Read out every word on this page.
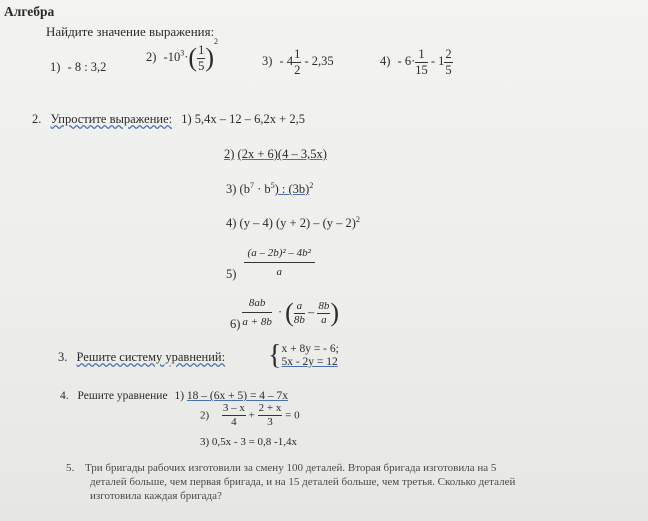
Алгебра
Найдите значение выражения:
1) - 8 : 3,2
2) $-10^3\cdot( \frac{1}{5} )^2$
$3) - 4 \frac{1}{2} - 2,35$	$4) - 6\cdot \frac{1}{15} - 1 \frac{2}{5}$
2. Упростите выражение: 1) 5,4x – 12 – 6,2x + 2,5
2) (2x + 6)(4 – 3,5x)
3) $(b^7 \cdot b^5)$ : $(3b)^2$
4) (y – 4) (y + 2) – (y – 2)$^2$
$5) \frac{\text{(a – 2b)² – 4b²}}{a}$
$6) \frac{8ab}{a + 8b}$ · ( $\frac{a}{8b} - \frac{8b}{a}$ )
3. Решите систему уравнений: { x + 8y = - 6;
5x - 2y = 12
4. Решите уравнение 1) 18 – (6x + 5) = 4 – 7x
$2) \frac{3 - x}{4} + \frac{2 + x}{3} = 0$
3) 0,5x - 3 = 0,8 -1,4x
5. Три бригады рабочих изготовили за смену 100 деталей. Вторая бригада изготовила на 5
деталей больше, чем первая бригада, и на 15 деталей больше, чем третья. Сколько деталей
изготовила каждая бригада?
